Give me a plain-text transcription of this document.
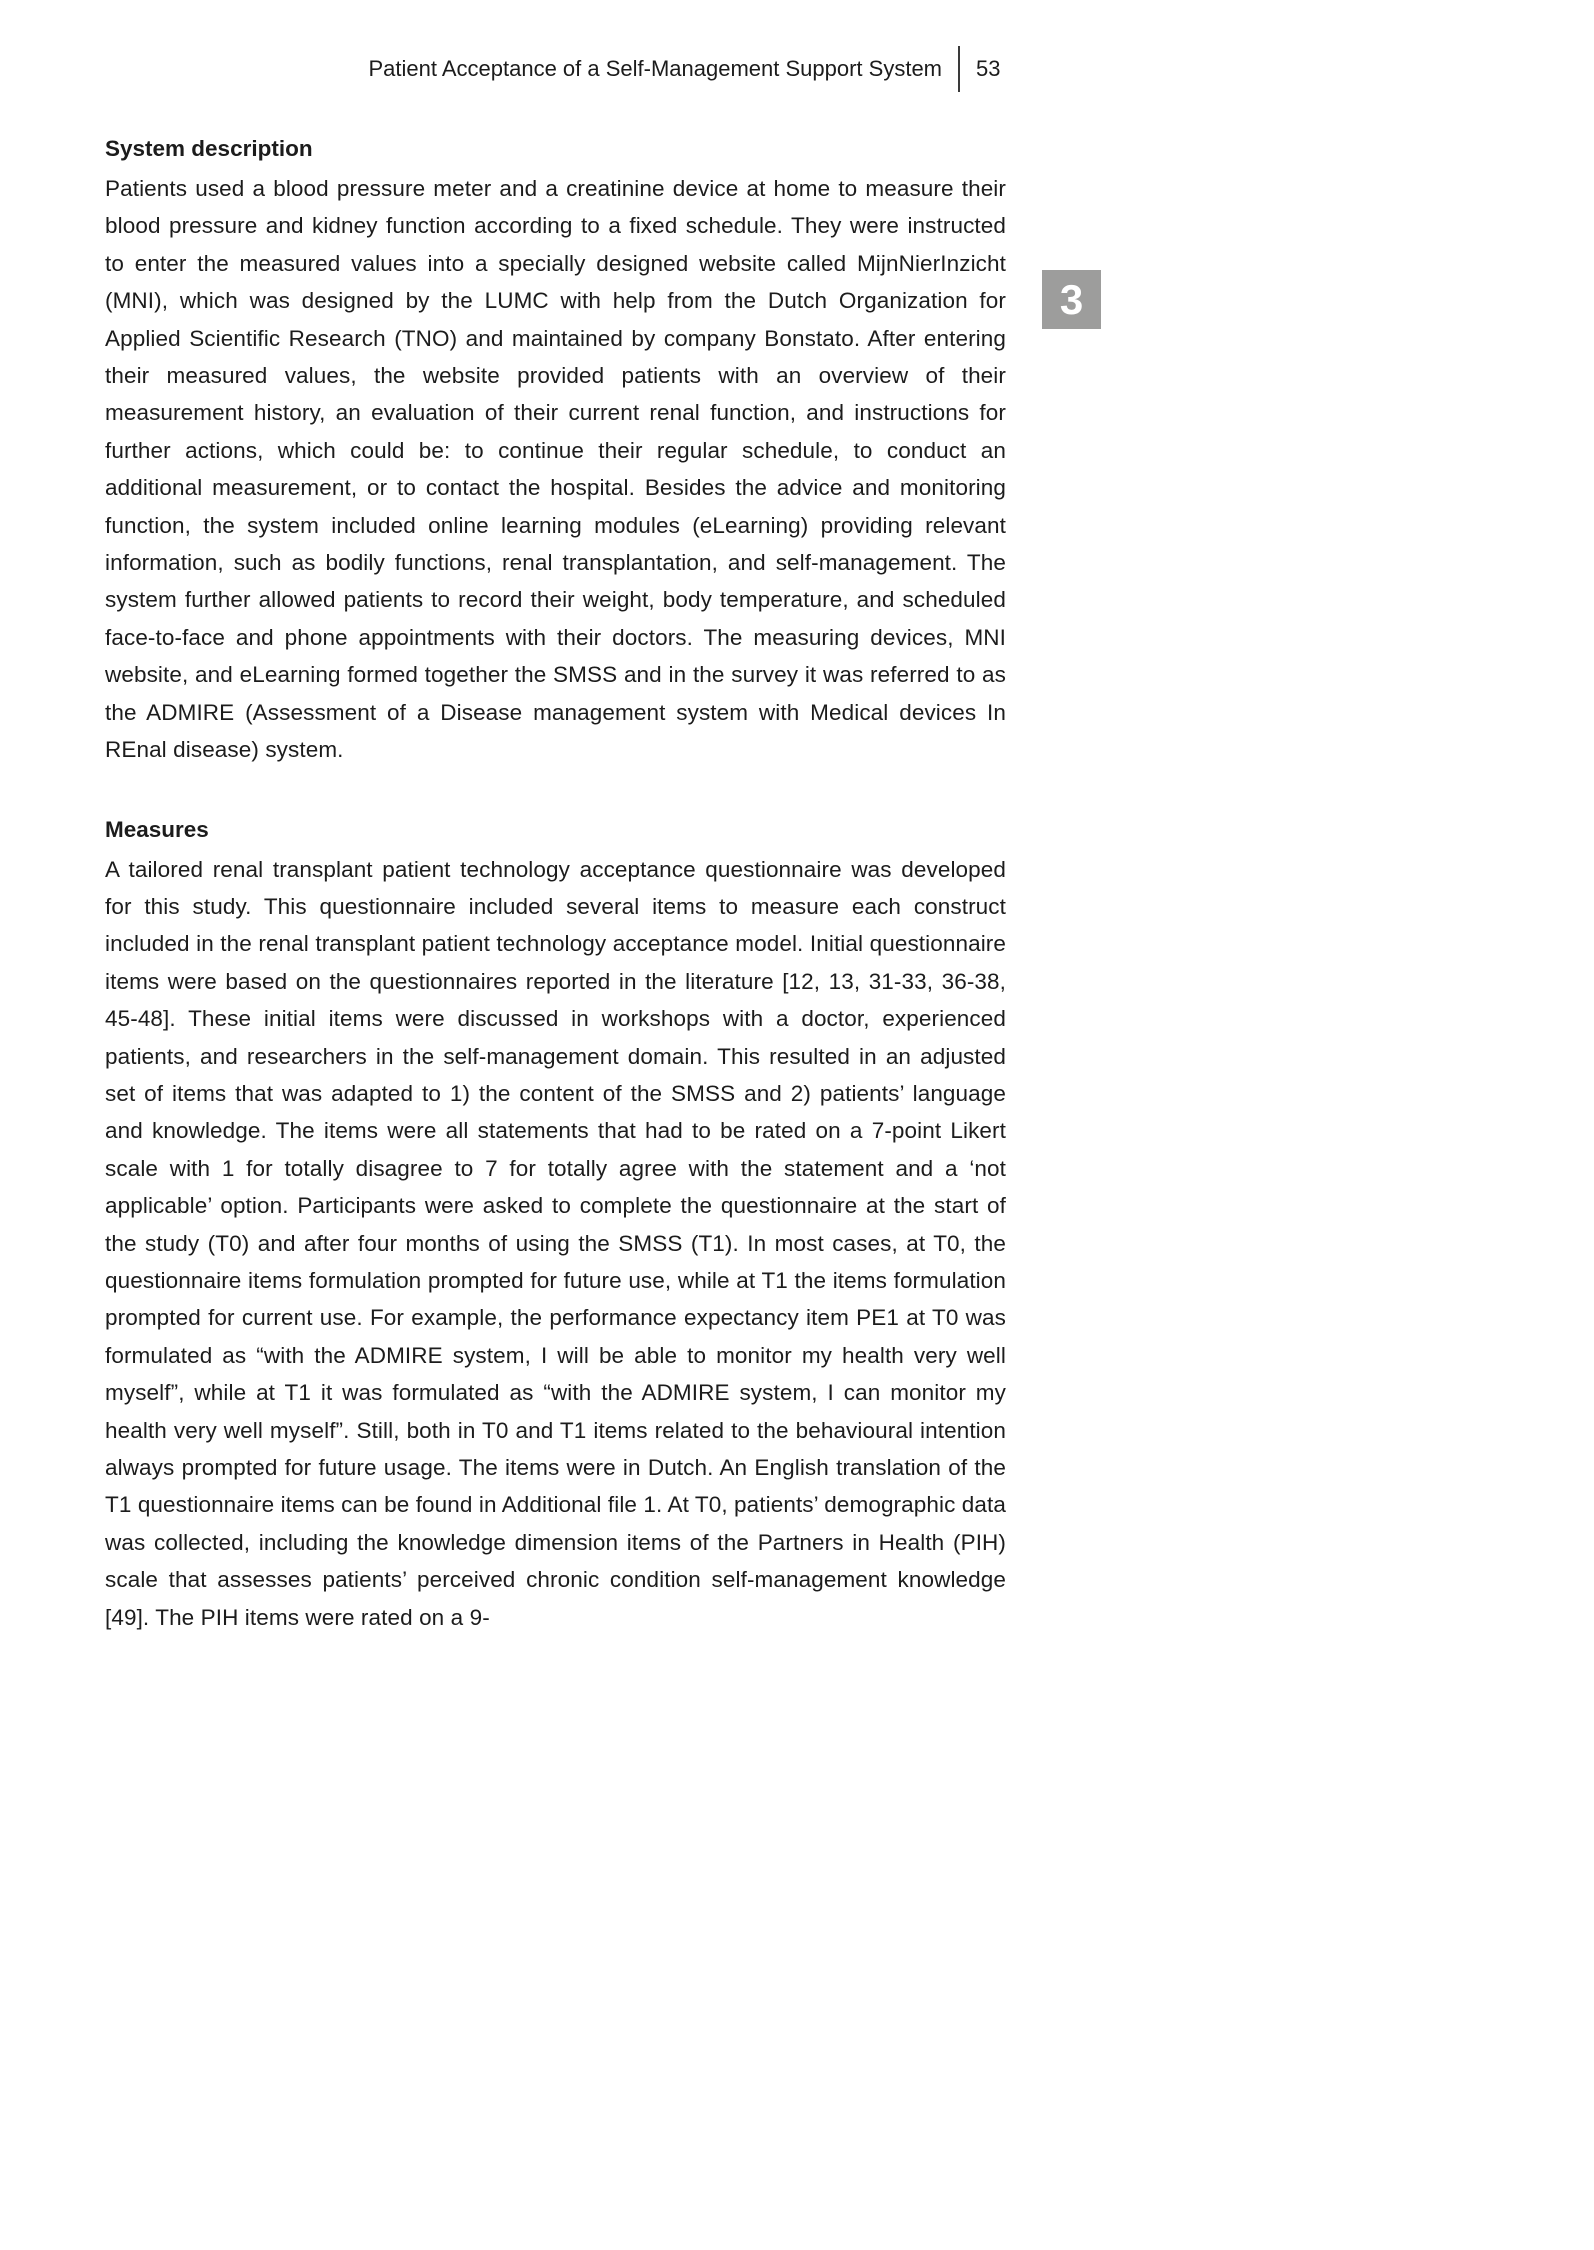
Patient Acceptance of a Self-Management Support System 53
3
System description

Patients used a blood pressure meter and a creatinine device at home to measure their blood pressure and kidney function according to a fixed schedule. They were instructed to enter the measured values into a specially designed website called MijnNierInzicht (MNI), which was designed by the LUMC with help from the Dutch Organization for Applied Scientific Research (TNO) and maintained by company Bonstato. After entering their measured values, the website provided patients with an overview of their measurement history, an evaluation of their current renal function, and instructions for further actions, which could be: to continue their regular schedule, to conduct an additional measurement, or to contact the hospital. Besides the advice and monitoring function, the system included online learning modules (eLearning) providing relevant information, such as bodily functions, renal transplantation, and self-management. The system further allowed patients to record their weight, body temperature, and scheduled face-to-face and phone appointments with their doctors. The measuring devices, MNI website, and eLearning formed together the SMSS and in the survey it was referred to as the ADMIRE (Assessment of a Disease management system with Medical devices In REnal disease) system.

Measures

A tailored renal transplant patient technology acceptance questionnaire was developed for this study. This questionnaire included several items to measure each construct included in the renal transplant patient technology acceptance model. Initial questionnaire items were based on the questionnaires reported in the literature [12, 13, 31-33, 36-38, 45-48]. These initial items were discussed in workshops with a doctor, experienced patients, and researchers in the self-management domain. This resulted in an adjusted set of items that was adapted to 1) the content of the SMSS and 2) patients’ language and knowledge. The items were all statements that had to be rated on a 7-point Likert scale with 1 for totally disagree to 7 for totally agree with the statement and a ‘not applicable’ option. Participants were asked to complete the questionnaire at the start of the study (T0) and after four months of using the SMSS (T1). In most cases, at T0, the questionnaire items formulation prompted for future use, while at T1 the items formulation prompted for current use. For example, the performance expectancy item PE1 at T0 was formulated as “with the ADMIRE system, I will be able to monitor my health very well myself”, while at T1 it was formulated as “with the ADMIRE system, I can monitor my health very well myself”. Still, both in T0 and T1 items related to the behavioural intention always prompted for future usage. The items were in Dutch. An English translation of the T1 questionnaire items can be found in Additional file 1. At T0, patients’ demographic data was collected, including the knowledge dimension items of the Partners in Health (PIH) scale that assesses patients’ perceived chronic condition self-management knowledge [49]. The PIH items were rated on a 9-
